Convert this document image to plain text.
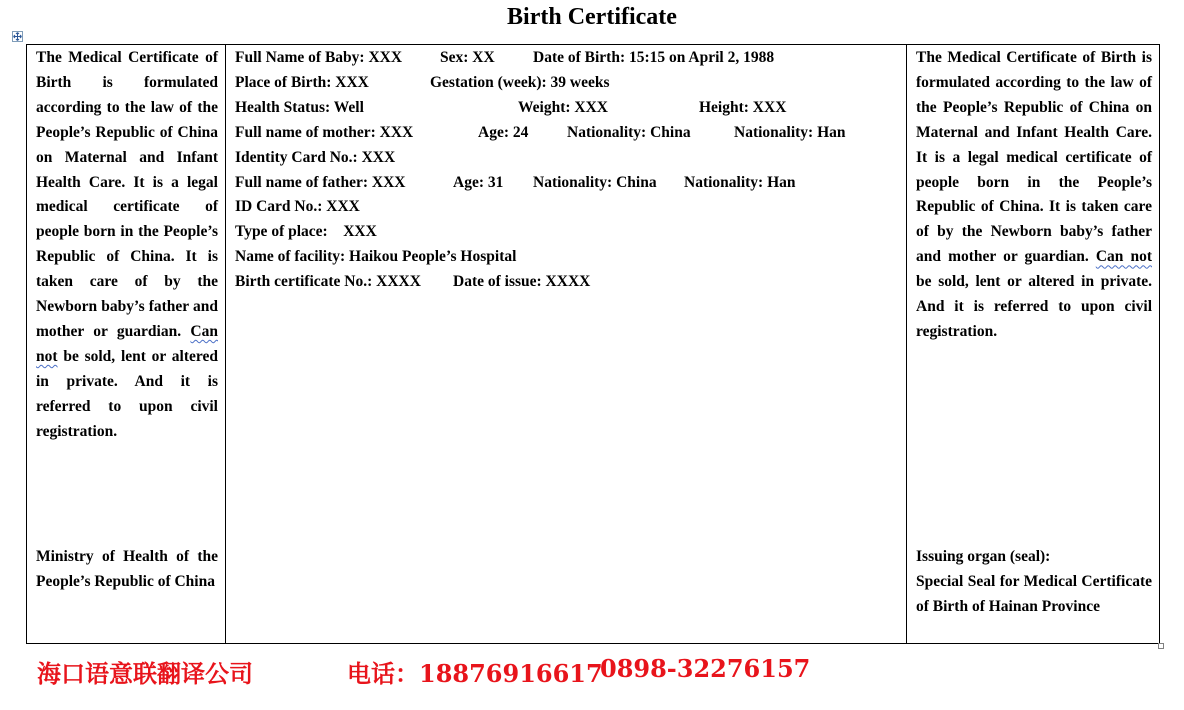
Birth Certificate
The Medical Certificate of Birth is formulated according to the law of the People’s Republic of China on Maternal and Infant Health Care. It is a legal medical certificate of people born in the People’s Republic of China. It is taken care of by the Newborn baby’s father and mother or guardian. Can not be sold, lent or altered in private. And it is referred to upon civil registration.
Ministry of Health of the People’s Republic of China

Full Name of Baby: XXX Sex: XX Date of Birth: 15:15 on April 2, 1988
Place of Birth: XXX	Gestation (week): 39 weeks
Health Status: Well	Weight: XXX	Height: XXX
Full name of mother: XXX	Age: 24 Nationality: China	Nationality: Han
Identity Card No.: XXX
Full name of father: XXX	Age: 31 Nationality: China Nationality: Han
ID Card No.: XXX
Type of place:    XXX
Name of facility: Haikou People’s Hospital
Birth certificate No.: XXXX Date of issue: XXXX

The Medical Certificate of Birth is formulated according to the law of the People’s Republic of China on Maternal and Infant Health Care. It is a legal medical certificate of people born in the People’s Republic of China. It is taken care of by the Newborn baby’s father and mother or guardian. Can not be sold, lent or altered in private. And it is referred to upon civil registration.
Issuing organ (seal):
Special Seal for Medical Certificate of Birth of Hainan Province
海口语意联翻译公司	电话：18876916617
0898-32276157
